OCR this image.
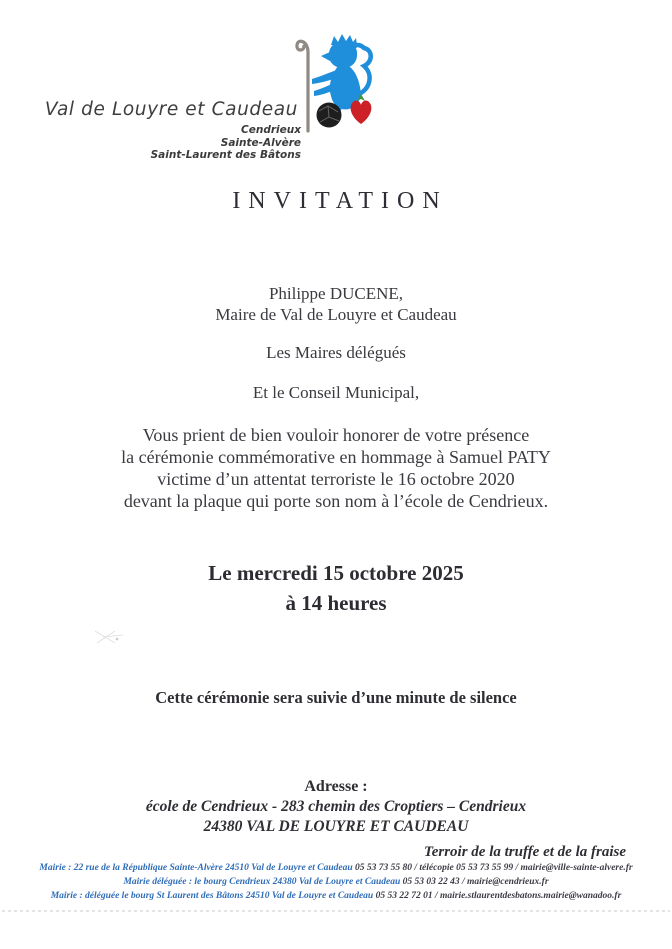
Val de Louyre et Caudeau
Cendrieux
Sainte-Alvère
Saint-Laurent des Bâtons
INVITATION
Philippe DUCENE,
Maire de Val de Louyre et Caudeau
Les Maires délégués
Et le Conseil Municipal,
Vous prient de bien vouloir honorer de votre présence
la cérémonie commémorative en hommage à Samuel PATY
victime d’un attentat terroriste le 16 octobre 2020
devant la plaque qui porte son nom à l’école de Cendrieux.
Le mercredi 15 octobre 2025
à 14 heures
Cette cérémonie sera suivie d’une minute de silence
Adresse :
école de Cendrieux - 283 chemin des Croptiers – Cendrieux
24380 VAL DE LOUYRE ET CAUDEAU
Terroir de la truffe et de la fraise
Mairie : 22 rue de la République Sainte-Alvère 24510 Val de Louyre et Caudeau 05 53 73 55 80 / télécopie 05 53 73 55 99 / mairie@ville-sainte-alvere.fr
Mairie déléguée : le bourg Cendrieux 24380 Val de Louyre et Caudeau 05 53 03 22 43 / mairie@cendrieux.fr
Mairie : déléguée le bourg St Laurent des Bâtons 24510 Val de Louyre et Caudeau 05 53 22 72 01 / mairie.stlaurentdesbatons.mairie@wanadoo.fr
